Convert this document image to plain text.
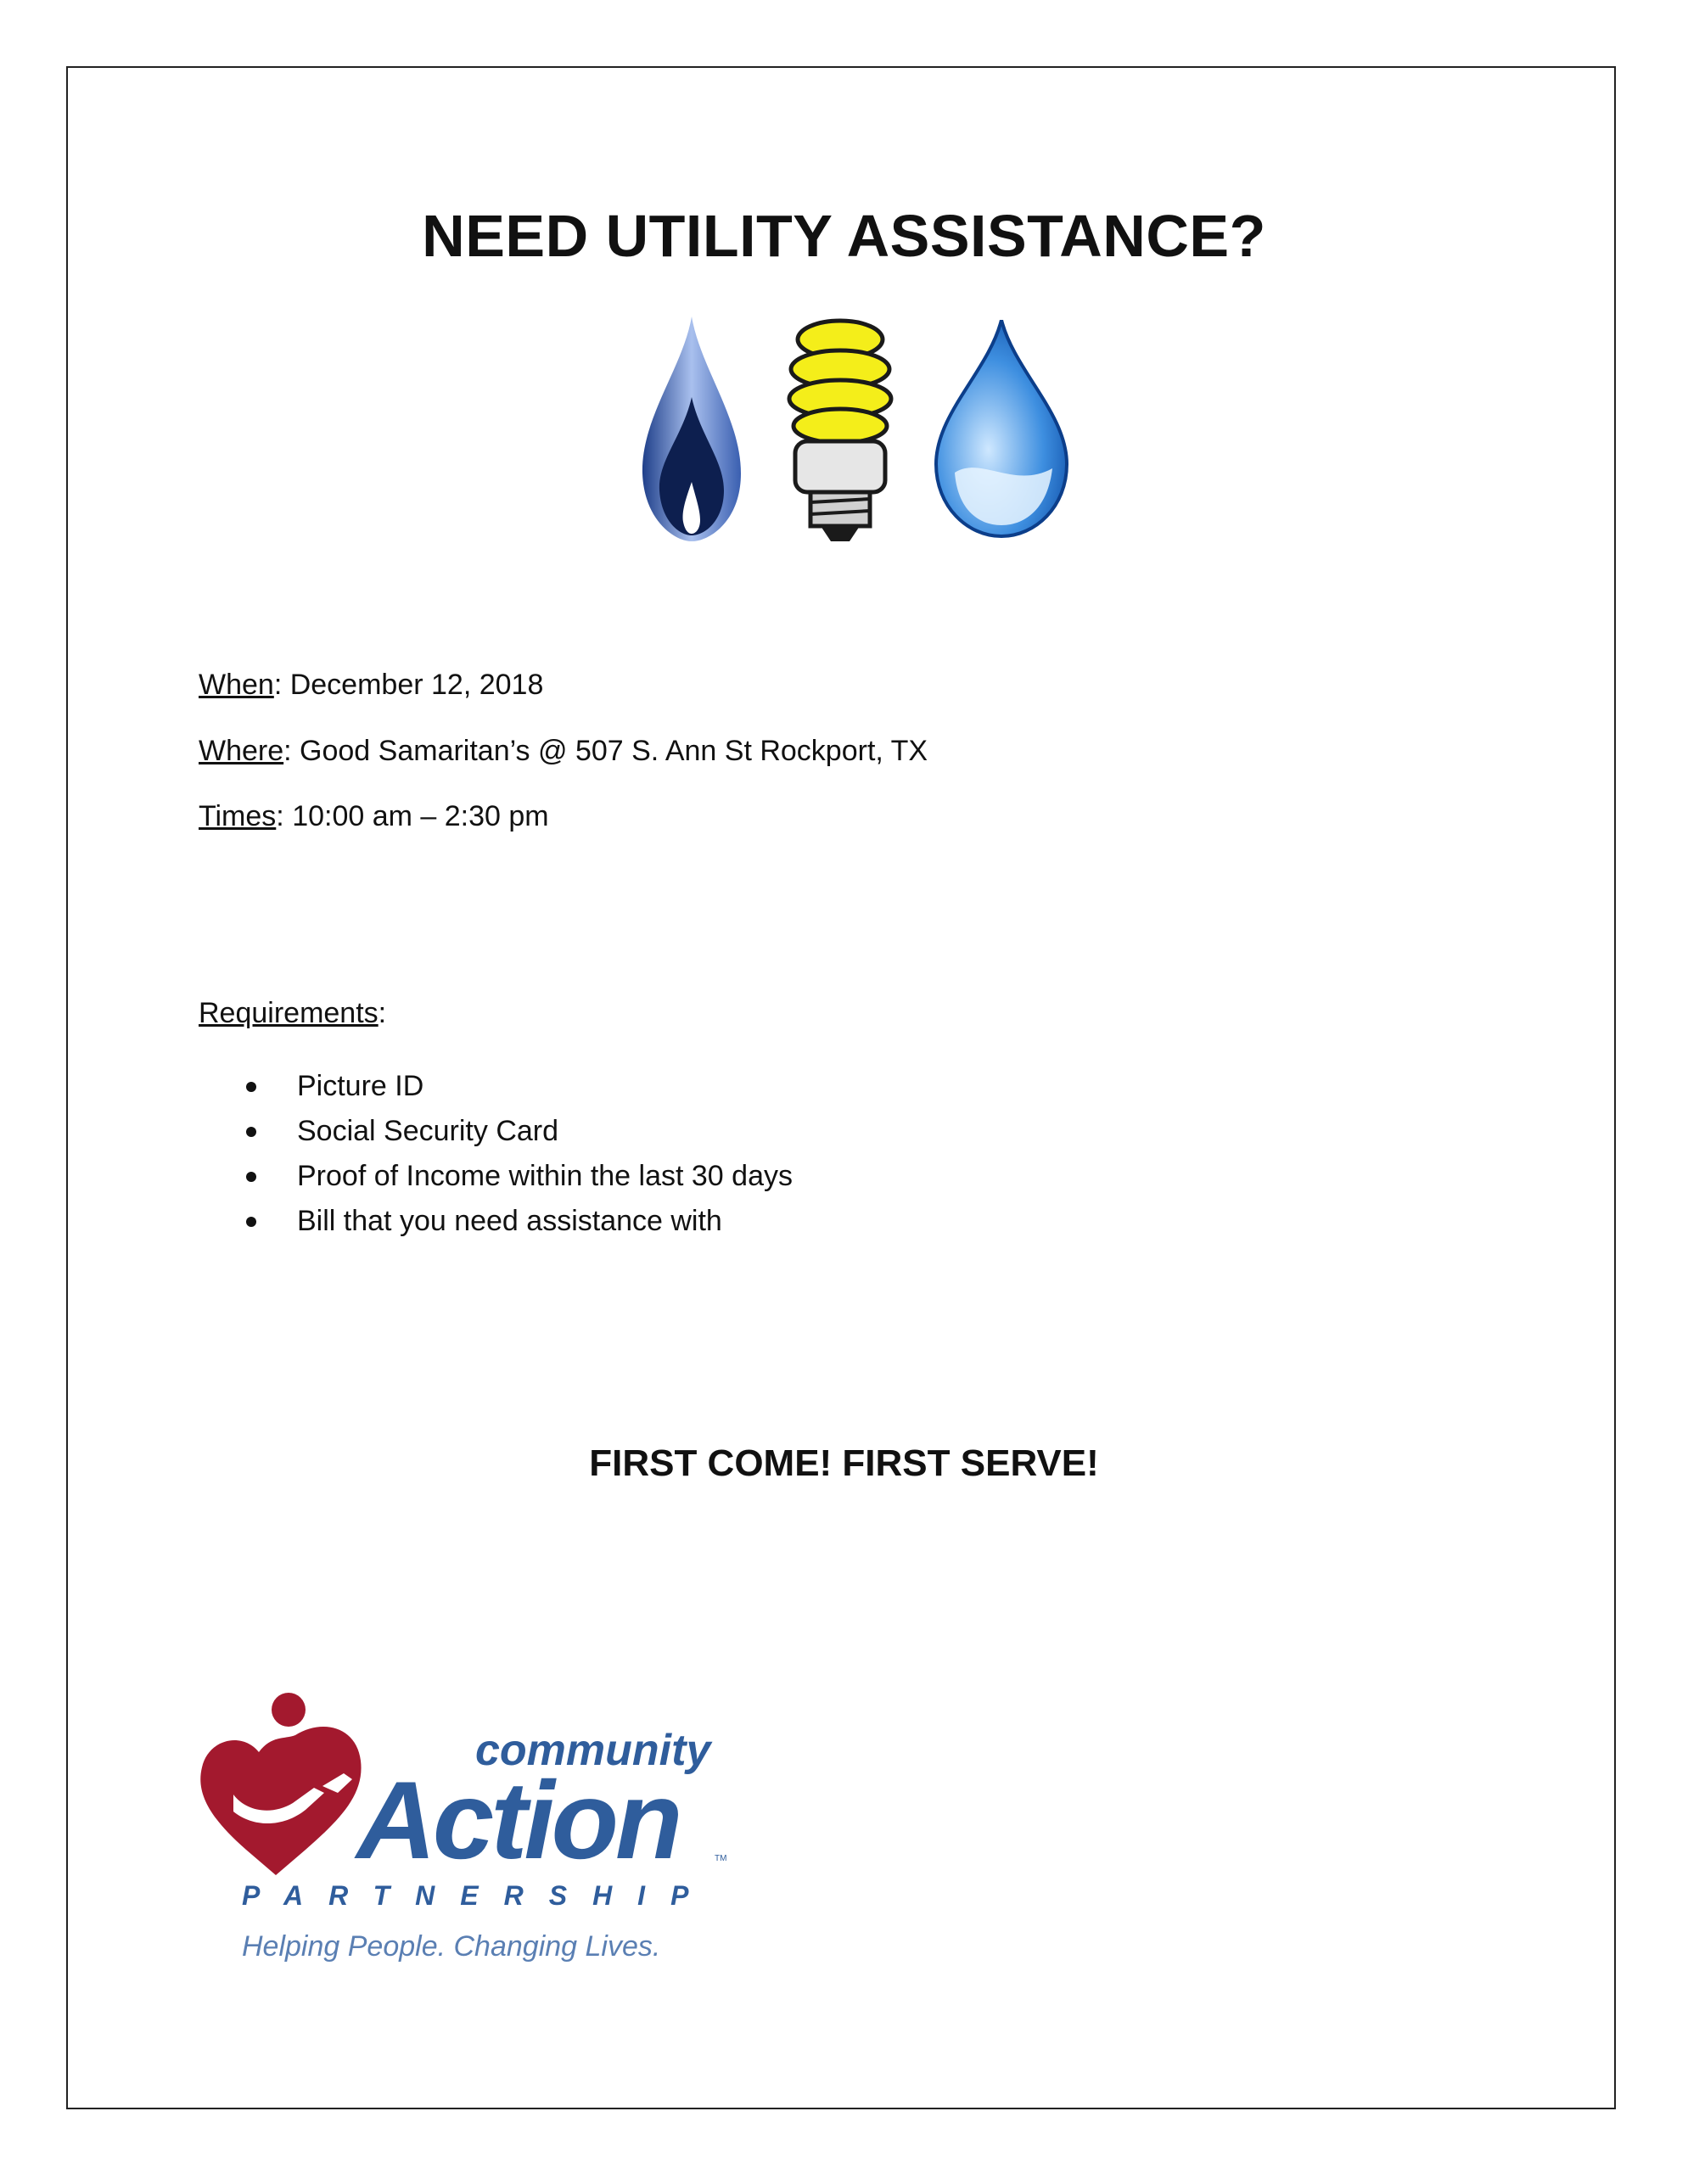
NEED UTILITY ASSISTANCE?

When: December 12, 2018

Where: Good Samaritan’s @ 507 S. Ann St Rockport, TX

Times: 10:00 am – 2:30 pm

Requirements:

Picture ID
Social Security Card
Proof of Income within the last 30 days
Bill that you need assistance with

FIRST COME! FIRST SERVE!

community
Action	TM
PARTNERSHIP
Helping People. Changing Lives.
